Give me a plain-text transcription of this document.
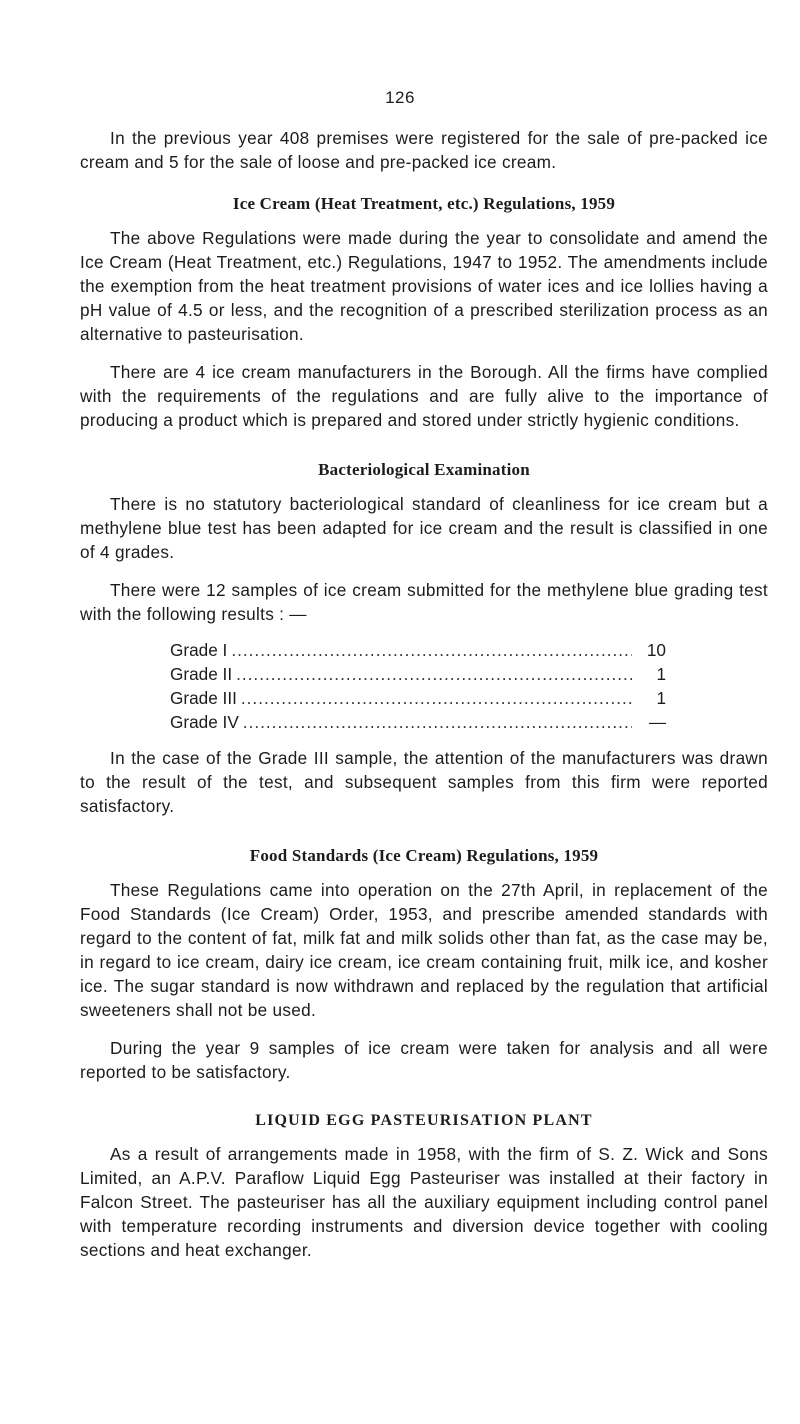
126

In the previous year 408 premises were registered for the sale of pre-packed ice cream and 5 for the sale of loose and pre-packed ice cream.

Ice Cream (Heat Treatment, etc.) Regulations, 1959

The above Regulations were made during the year to consolidate and amend the Ice Cream (Heat Treatment, etc.) Regulations, 1947 to 1952. The amendments include the exemption from the heat treatment provisions of water ices and ice lollies having a pH value of 4.5 or less, and the recognition of a prescribed sterilization process as an alternative to pasteurisation.

There are 4 ice cream manufacturers in the Borough. All the firms have complied with the requirements of the regulations and are fully alive to the importance of producing a product which is prepared and stored under strictly hygienic conditions.

Bacteriological Examination

There is no statutory bacteriological standard of cleanliness for ice cream but a methylene blue test has been adapted for ice cream and the result is classified in one of 4 grades.

There were 12 samples of ice cream submitted for the methylene blue grading test with the following results : —

Grade I .....	10
Grade II .....	1
Grade III .....	1
Grade IV .....	—

In the case of the Grade III sample, the attention of the manufacturers was drawn to the result of the test, and subsequent samples from this firm were reported satisfactory.

Food Standards (Ice Cream) Regulations, 1959

These Regulations came into operation on the 27th April, in replacement of the Food Standards (Ice Cream) Order, 1953, and prescribe amended standards with regard to the content of fat, milk fat and milk solids other than fat, as the case may be, in regard to ice cream, dairy ice cream, ice cream containing fruit, milk ice, and kosher ice. The sugar standard is now withdrawn and replaced by the regulation that artificial sweeteners shall not be used.

During the year 9 samples of ice cream were taken for analysis and all were reported to be satisfactory.

LIQUID EGG PASTEURISATION PLANT

As a result of arrangements made in 1958, with the firm of S. Z. Wick and Sons Limited, an A.P.V. Paraflow Liquid Egg Pasteuriser was installed at their factory in Falcon Street. The pasteuriser has all the auxiliary equipment including control panel with temperature recording instruments and diversion device together with cooling sections and heat exchanger.
